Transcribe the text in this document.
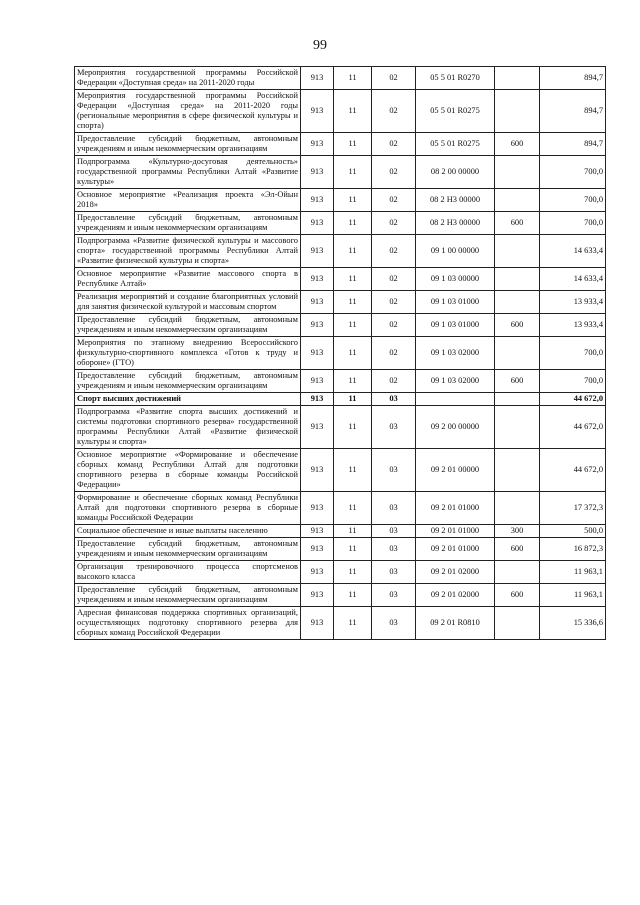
99
Мероприятия государственной программы Российской Федерации «Доступная среда» на 2011-2020 годы	913	11	02	05 5 01 R0270		894,7
Мероприятия государственной программы Российской Федерации «Доступная среда» на 2011-2020 годы (региональные мероприятия в сфере физической культуры и спорта)	913	11	02	05 5 01 R0275		894,7
Предоставление субсидий бюджетным, автономным учреждениям и иным некоммерческим организациям	913	11	02	05 5 01 R0275	600	894,7
Подпрограмма «Культурно-досуговая деятельность» государственной программы Республики Алтай «Развитие культуры»	913	11	02	08 2 00 00000		700,0
Основное мероприятие «Реализация проекта «Эл-Ойын 2018»	913	11	02	08 2 Н3 00000		700,0
Предоставление субсидий бюджетным, автономным учреждениям и иным некоммерческим организациям	913	11	02	08 2 Н3 00000	600	700,0
Подпрограмма «Развитие физической культуры и массового спорта» государственной программы Республики Алтай «Развитие физической культуры и спорта»	913	11	02	09 1 00 00000		14 633,4
Основное мероприятие «Развитие массового спорта в Республике Алтай»	913	11	02	09 1 03 00000		14 633,4
Реализация мероприятий и создание благоприятных условий для занятия физической культурой и массовым спортом	913	11	02	09 1 03 01000		13 933,4
Предоставление субсидий бюджетным, автономным учреждениям и иным некоммерческим организациям	913	11	02	09 1 03 01000	600	13 933,4
Мероприятия по этапному внедрению Всероссийского физкультурно-спортивного комплекса «Готов к труду и обороне» (ГТО)	913	11	02	09 1 03 02000		700,0
Предоставление субсидий бюджетным, автономным учреждениям и иным некоммерческим организациям	913	11	02	09 1 03 02000	600	700,0
Спорт высших достижений	913	11	03			44 672,0
Подпрограмма «Развитие спорта высших достижений и системы подготовки спортивного резерва» государственной программы Республики Алтай «Развитие физической культуры и спорта»	913	11	03	09 2 00 00000		44 672,0
Основное мероприятие «Формирование и обеспечение сборных команд Республики Алтай для подготовки спортивного резерва в сборные команды Российской Федерации»	913	11	03	09 2 01 00000		44 672,0
Формирование и обеспечение сборных команд Республики Алтай для подготовки спортивного резерва в сборные команды Российской Федерации	913	11	03	09 2 01 01000		17 372,3
Социальное обеспечение и иные выплаты населению	913	11	03	09 2 01 01000	300	500,0
Предоставление субсидий бюджетным, автономным учреждениям и иным некоммерческим организациям	913	11	03	09 2 01 01000	600	16 872,3
Организация тренировочного процесса спортсменов высокого класса	913	11	03	09 2 01 02000		11 963,1
Предоставление субсидий бюджетным, автономным учреждениям и иным некоммерческим организациям	913	11	03	09 2 01 02000	600	11 963,1
Адресная финансовая поддержка спортивных организаций, осуществляющих подготовку спортивного резерва для сборных команд Российской Федерации	913	11	03	09 2 01 R0810		15 336,6
